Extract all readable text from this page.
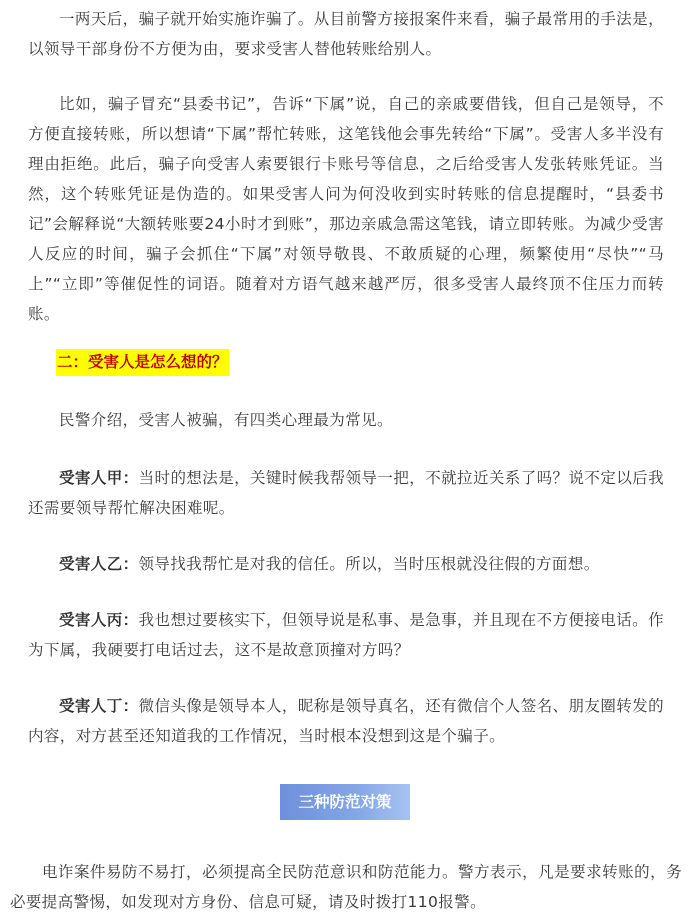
一两天后，骗子就开始实施诈骗了。从目前警方接报案件来看，骗子最常用的手法是，以领导干部身份不方便为由，要求受害人替他转账给别人。

比如，骗子冒充“县委书记”，告诉“下属”说，自己的亲戚要借钱，但自己是领导，不方便直接转账，所以想请“下属”帮忙转账，这笔钱他会事先转给“下属”。受害人多半没有理由拒绝。此后，骗子向受害人索要银行卡账号等信息，之后给受害人发张转账凭证。当然，这个转账凭证是伪造的。如果受害人问为何没收到实时转账的信息提醒时，“县委书记”会解释说“大额转账要24小时才到账”，那边亲戚急需这笔钱，请立即转账。为减少受害人反应的时间，骗子会抓住“下属”对领导敬畏、不敢质疑的心理，频繁使用“尽快”“马上”“立即”等催促性的词语。随着对方语气越来越严厉，很多受害人最终顶不住压力而转账。

二：受害人是怎么想的？

民警介绍，受害人被骗，有四类心理最为常见。

受害人甲：当时的想法是，关键时候我帮领导一把，不就拉近关系了吗？说不定以后我还需要领导帮忙解决困难呢。

受害人乙：领导找我帮忙是对我的信任。所以，当时压根就没往假的方面想。

受害人丙：我也想过要核实下，但领导说是私事、是急事，并且现在不方便接电话。作为下属，我硬要打电话过去，这不是故意顶撞对方吗？

受害人丁：微信头像是领导本人，昵称是领导真名，还有微信个人签名、朋友圈转发的内容，对方甚至还知道我的工作情况，当时根本没想到这是个骗子。

三种防范对策

电诈案件易防不易打，必须提高全民防范意识和防范能力。警方表示，凡是要求转账的，务必要提高警惕，如发现对方身份、信息可疑，请及时拨打110报警。
